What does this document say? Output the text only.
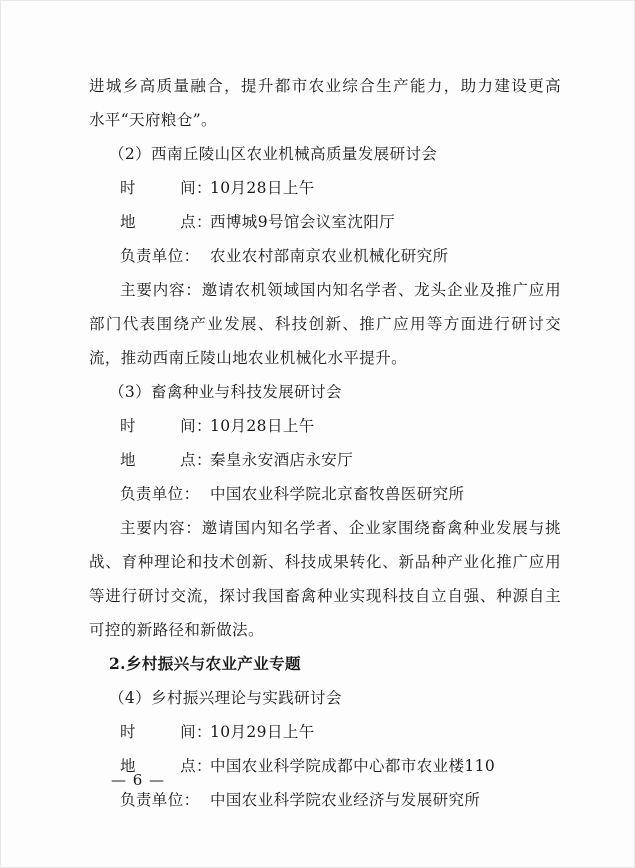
进城乡高质量融合，提升都市农业综合生产能力，助力建设更高
水平“天府粮仓”。
（2）西南丘陵山区农业机械高质量发展研讨会
时间：10月28日上午
地点：西博城9号馆会议室沈阳厅
负责单位： 农业农村部南京农业机械化研究所
主要内容：邀请农机领域国内知名学者、龙头企业及推广应用部门代表围绕产业发展、科技创新、推广应用等方面进行研讨交流，推动西南丘陵山地农业机械化水平提升。
（3）畜禽种业与科技发展研讨会
时间：10月28日上午
地点：秦皇永安酒店永安厅
负责单位： 中国农业科学院北京畜牧兽医研究所
主要内容：邀请国内知名学者、企业家围绕畜禽种业发展与挑战、育种理论和技术创新、科技成果转化、新品种产业化推广应用等进行研讨交流，探讨我国畜禽种业实现科技自立自强、种源自主可控的新路径和新做法。
2.乡村振兴与农业产业专题
（4）乡村振兴理论与实践研讨会
时间：10月29日上午
地点：中国农业科学院成都中心都市农业楼110
负责单位： 中国农业科学院农业经济与发展研究所
— 6 —
